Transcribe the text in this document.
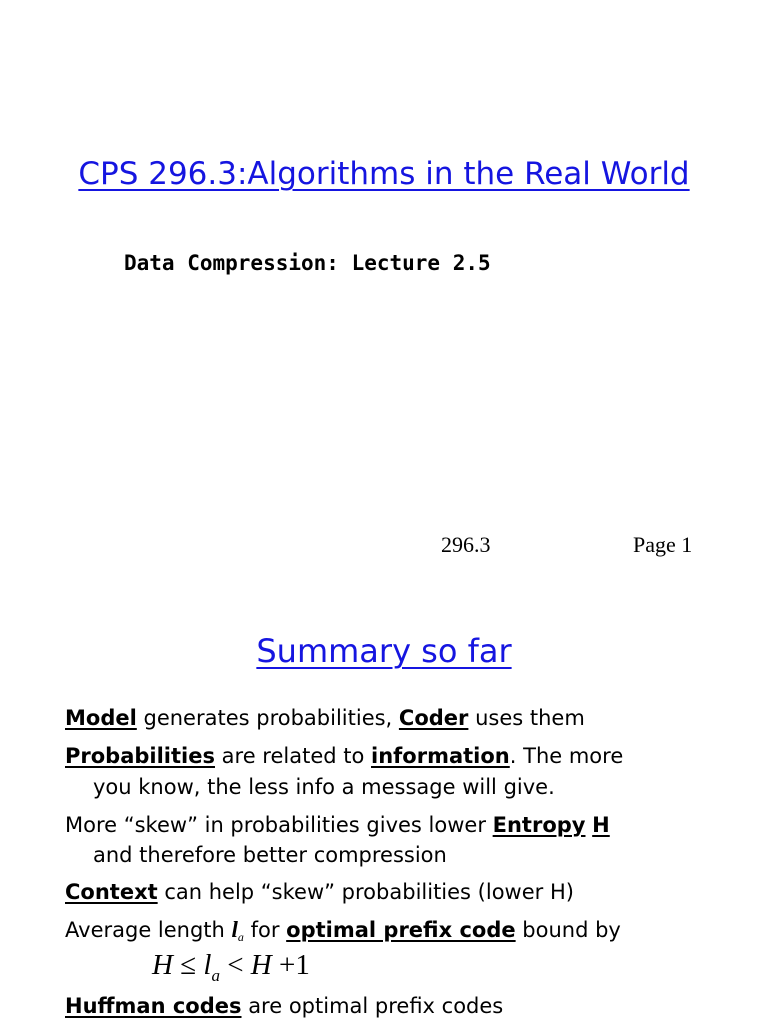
CPS 296.3:Algorithms in the Real World
Data Compression: Lecture 2.5
296.3	Page 1
Summary so far
Model generates probabilities, Coder uses them
Probabilities are related to information. The more
you know, the less info a message will give.
More “skew” in probabilities gives lower Entropy H
and therefore better compression
Context can help “skew” probabilities (lower H)
Average length la for optimal prefix code bound by
$H \le l_a < H +1$
Huffman codes are optimal prefix codes
